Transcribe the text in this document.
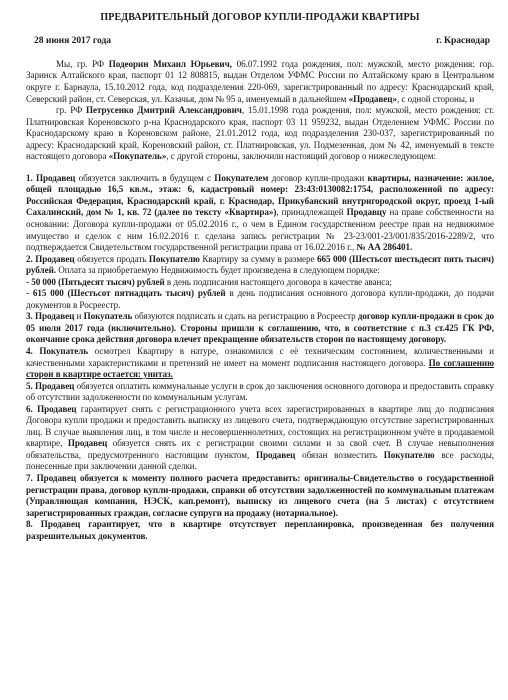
ПРЕДВАРИТЕЛЬНЫЙ ДОГОВОР КУПЛИ-ПРОДАЖИ КВАРТИРЫ
28 июня 2017 года	г. Краснодар

Мы, гр. РФ Подеорин Михаил Юрьевич, 06.07.1992 года рождения, пол: мужской, место рождения: гор. Заринск Алтайского края, паспорт 01 12 808815, выдан Отделом УФМС России по Алтайскому краю в Центральном округе г. Барнаула, 15.10.2012 года, код подразделения 220-069, зарегистрированный по адресу: Краснодарский край, Северский район, ст. Северская, ул. Казачья, дом № 95 а, именуемый в дальнейшем «Продавец», с одной стороны, и

гр. РФ Петрусенко Дмитрий Александрович, 15.01.1998 года рождения, пол: мужской, место рождения: ст. Платнировская Кореновского р-на Краснодарского края, паспорт 03 11 959232, выдан Отделением УФМС России по Краснодарскому краю в Кореновском районе, 21.01.2012 года, код подразделения 230-037, зарегистрированный по адресу: Краснодарский край, Кореновский район, ст. Платнировская, ул. Подмезенная, дом № 42, именуемый в тексте настоящего договора «Покупатель», с другой стороны, заключили настоящий договор о нижеследующем:

1. Продавец обязуется заключить в будущем с Покупателем договор купли-продажи квартиры, назначение: жилое, общей площадью 16,5 кв.м., этаж: 6, кадастровый номер: 23:43:0130082:1754, расположенной по адресу: Российская Федерация, Краснодарский край, г. Краснодар, Прикубанский внутригородской округ, проезд 1-ый Сахалинский, дом № 1, кв. 72 (далее по тексту «Квартира»), принадлежащей Продавцу на праве собственности на основании: Договора купли-продажи от 05.02.2016 г., о чем в Едином государственном реестре прав на недвижимое имущество и сделок с ним 16.02.2016 г. сделана запись регистрации № 23-23/001-23/001/835/2016-2289/2, что подтверждается Свидетельством государственной регистрации права от 16.02.2016 г., № АА 286401.

2. Продавец обязуется продать Покупателю Квартиру за сумму в размере 665 000 (Шестьсот шестьдесят пять тысяч) рублей. Оплата за приобретаемую Недвижимость будет произведена в следующем порядке:

- 50 000 (Пятьдесят тысяч) рублей в день подписания настоящего договора в качестве аванса;

- 615 000 (Шестьсот пятнадцать тысяч) рублей в день подписания основного договора купли-продажи, до подачи документов в Росреестр.

3. Продавец и Покупатель обязуются подписать и сдать на регистрацию в Росреестр договор купли-продажи в срок до 05 июля 2017 года (включительно). Стороны пришли к соглашению, что, в соответствие с п.3 ст.425 ГК РФ, окончание срока действия договора влечет прекращение обязательств сторон по настоящему договору.

4. Покупатель осмотрел Квартиру в натуре, ознакомился с её техническим состоянием, количественными и качественными характеристиками и претензий не имеет на момент подписания настоящего договора. По соглашению сторон в квартире остается: унитаз.

5. Продавец обязуется оплатить коммунальные услуги в срок до заключения основного договора и предоставить справку об отсутствии задолженности по коммунальным услугам.

6. Продавец гарантирует снять с регистрационного учета всех зарегистрированных в квартире лиц до подписания Договора купли продажи и предоставить выписку из лицевого счета, подтверждающую отсутствие зарегистрированных лиц. В случае выявления лиц, в том числе и несовершеннолетних, состоящих на регистрационном учёте в продаваемой квартире, Продавец обязуется снять их с регистрации своими силами и за свой счет. В случае невыполнения обязательства, предусмотренного настоящим пунктом, Продавец обязан возместить Покупателю все расходы, понесенные при заключении данной сделки.

7. Продавец обязуется к моменту полного расчета предоставить: оригиналы-Свидетельство о государственной регистрации права, договор купли-продажи, справки об отсутствии задолженностей по коммунальным платежам (Управляющая компания, НЭСК, кап.ремонт), выписку из лицевого счета (на 5 листах) с отсутствием зарегистрированных граждан, согласие супруги на продажу (нотариальное).

8. Продавец гарантирует, что в квартире отсутствует перепланировка, произведенная без получения разрешительных документов.
